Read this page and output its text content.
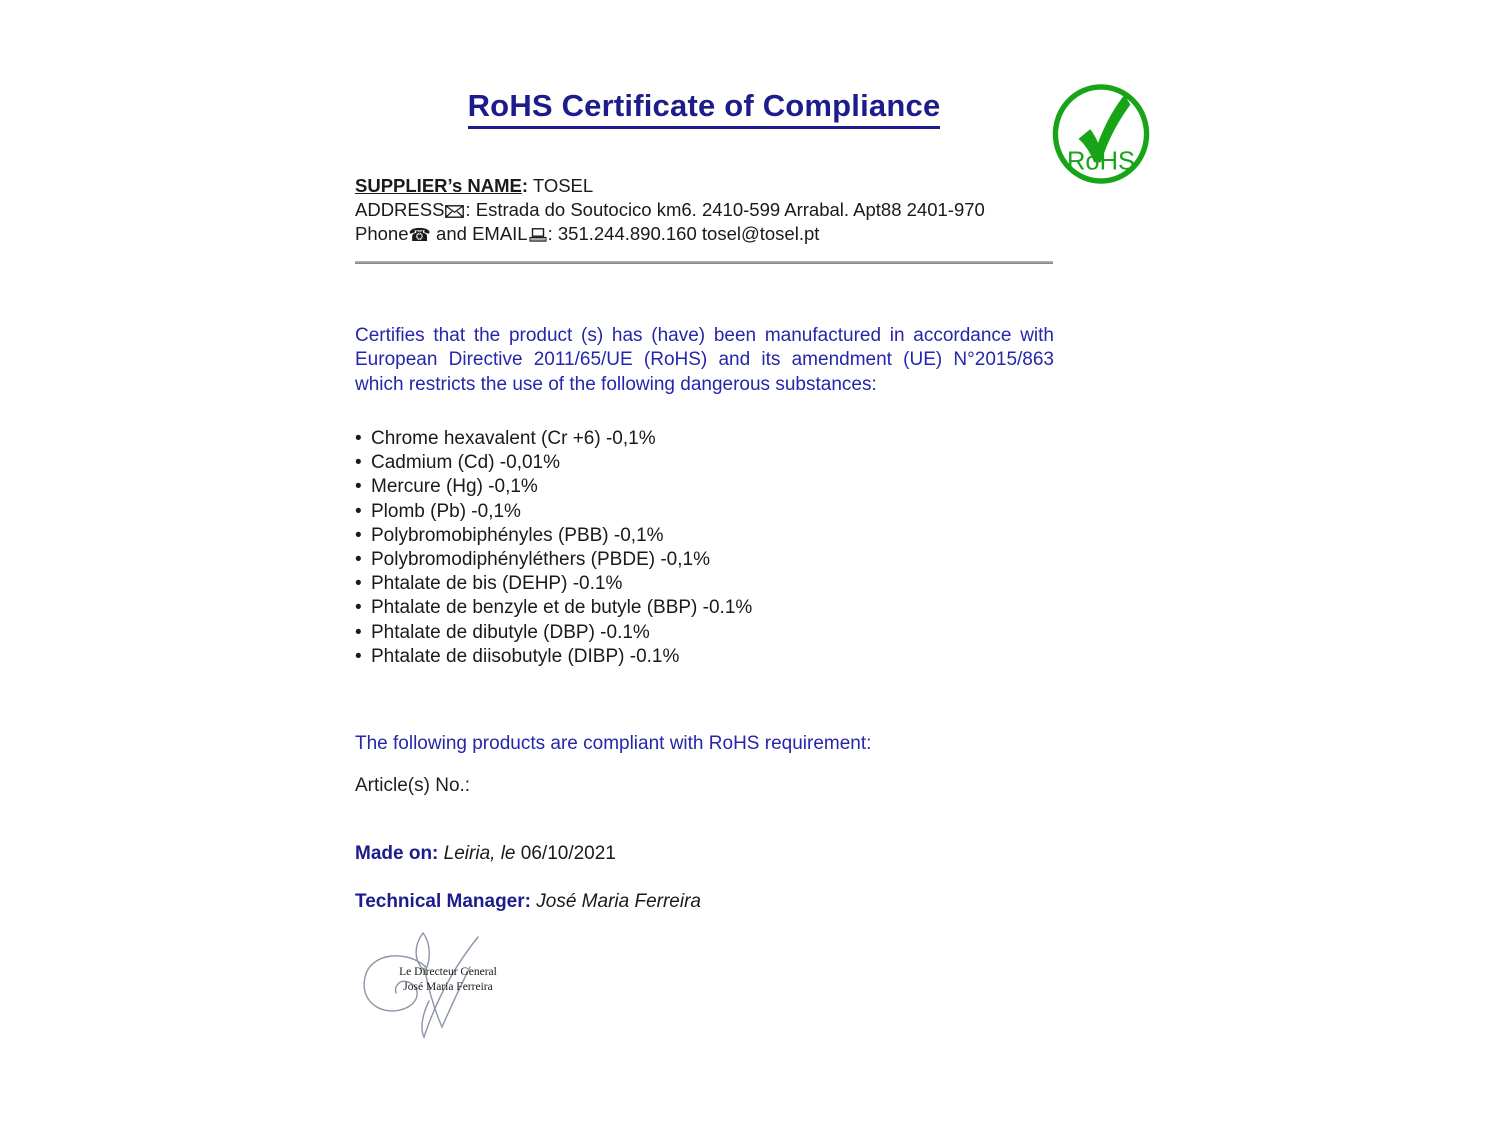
RoHS Certificate of Compliance
RoHS
SUPPLIER’s NAME: TOSEL
ADDRESS : Estrada do Soutocico km6. 2410-599 Arrabal. Apt88 2401-970
Phone☎ and EMAIL : 351.244.890.160 tosel@tosel.pt

Certifies that the product (s) has (have) been manufactured in accordance with European Directive 2011/65/UE (RoHS) and its amendment (UE) N°2015/863 which restricts the use of the following dangerous substances:

• Chrome hexavalent (Cr +6) -0,1%
• Cadmium (Cd) -0,01%
• Mercure (Hg) -0,1%
• Plomb (Pb) -0,1%
• Polybromobiphényles (PBB) -0,1%
• Polybromodiphényléthers (PBDE) -0,1%
• Phtalate de bis (DEHP) -0.1%
• Phtalate de benzyle et de butyle (BBP) -0.1%
• Phtalate de dibutyle (DBP) -0.1%
• Phtalate de diisobutyle (DIBP) -0.1%
The following products are compliant with RoHS requirement:
Article(s) No.:
Made on: Leiria, le 06/10/2021
Technical Manager: José Maria Ferreira
Le Directeur General
José Maria Ferreira
